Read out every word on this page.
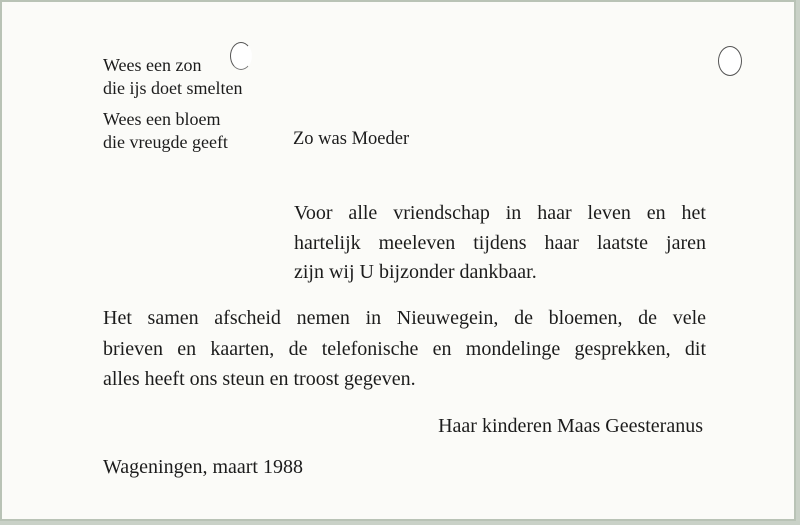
Wees een zon
die ijs doet smelten
Wees een bloem
die vreugde geeft	Zo was Moeder
Voor alle vriendschap in haar leven en het
hartelijk meeleven tijdens haar laatste jaren
zijn wij U bijzonder dankbaar.
Het samen afscheid nemen in Nieuwegein, de bloemen, de vele
brieven en kaarten, de telefonische en mondelinge gesprekken, dit
alles heeft ons steun en troost gegeven.
Haar kinderen Maas Geesteranus
Wageningen, maart 1988
